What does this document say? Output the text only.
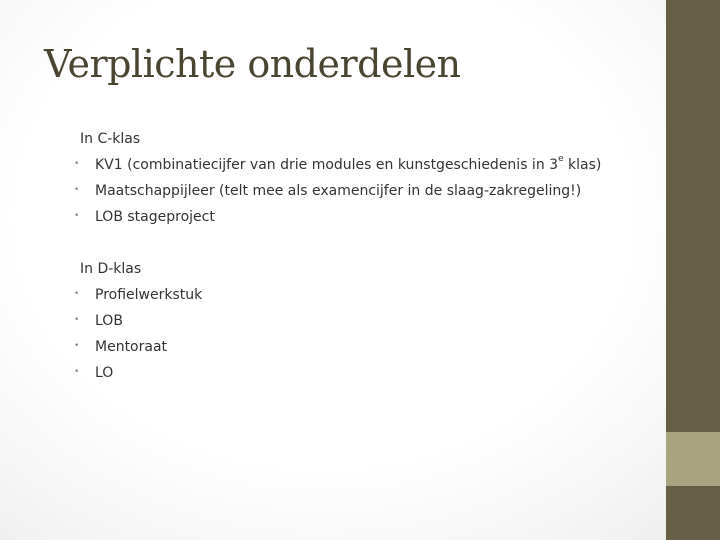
Verplichte onderdelen
In C-klas
• KV1 (combinatiecijfer van drie modules en kunstgeschiedenis in 3e klas)
• Maatschappijleer (telt mee als examencijfer in de slaag-zakregeling!)
• LOB stageproject
In D-klas
• Profielwerkstuk
• LOB
• Mentoraat
• LO
